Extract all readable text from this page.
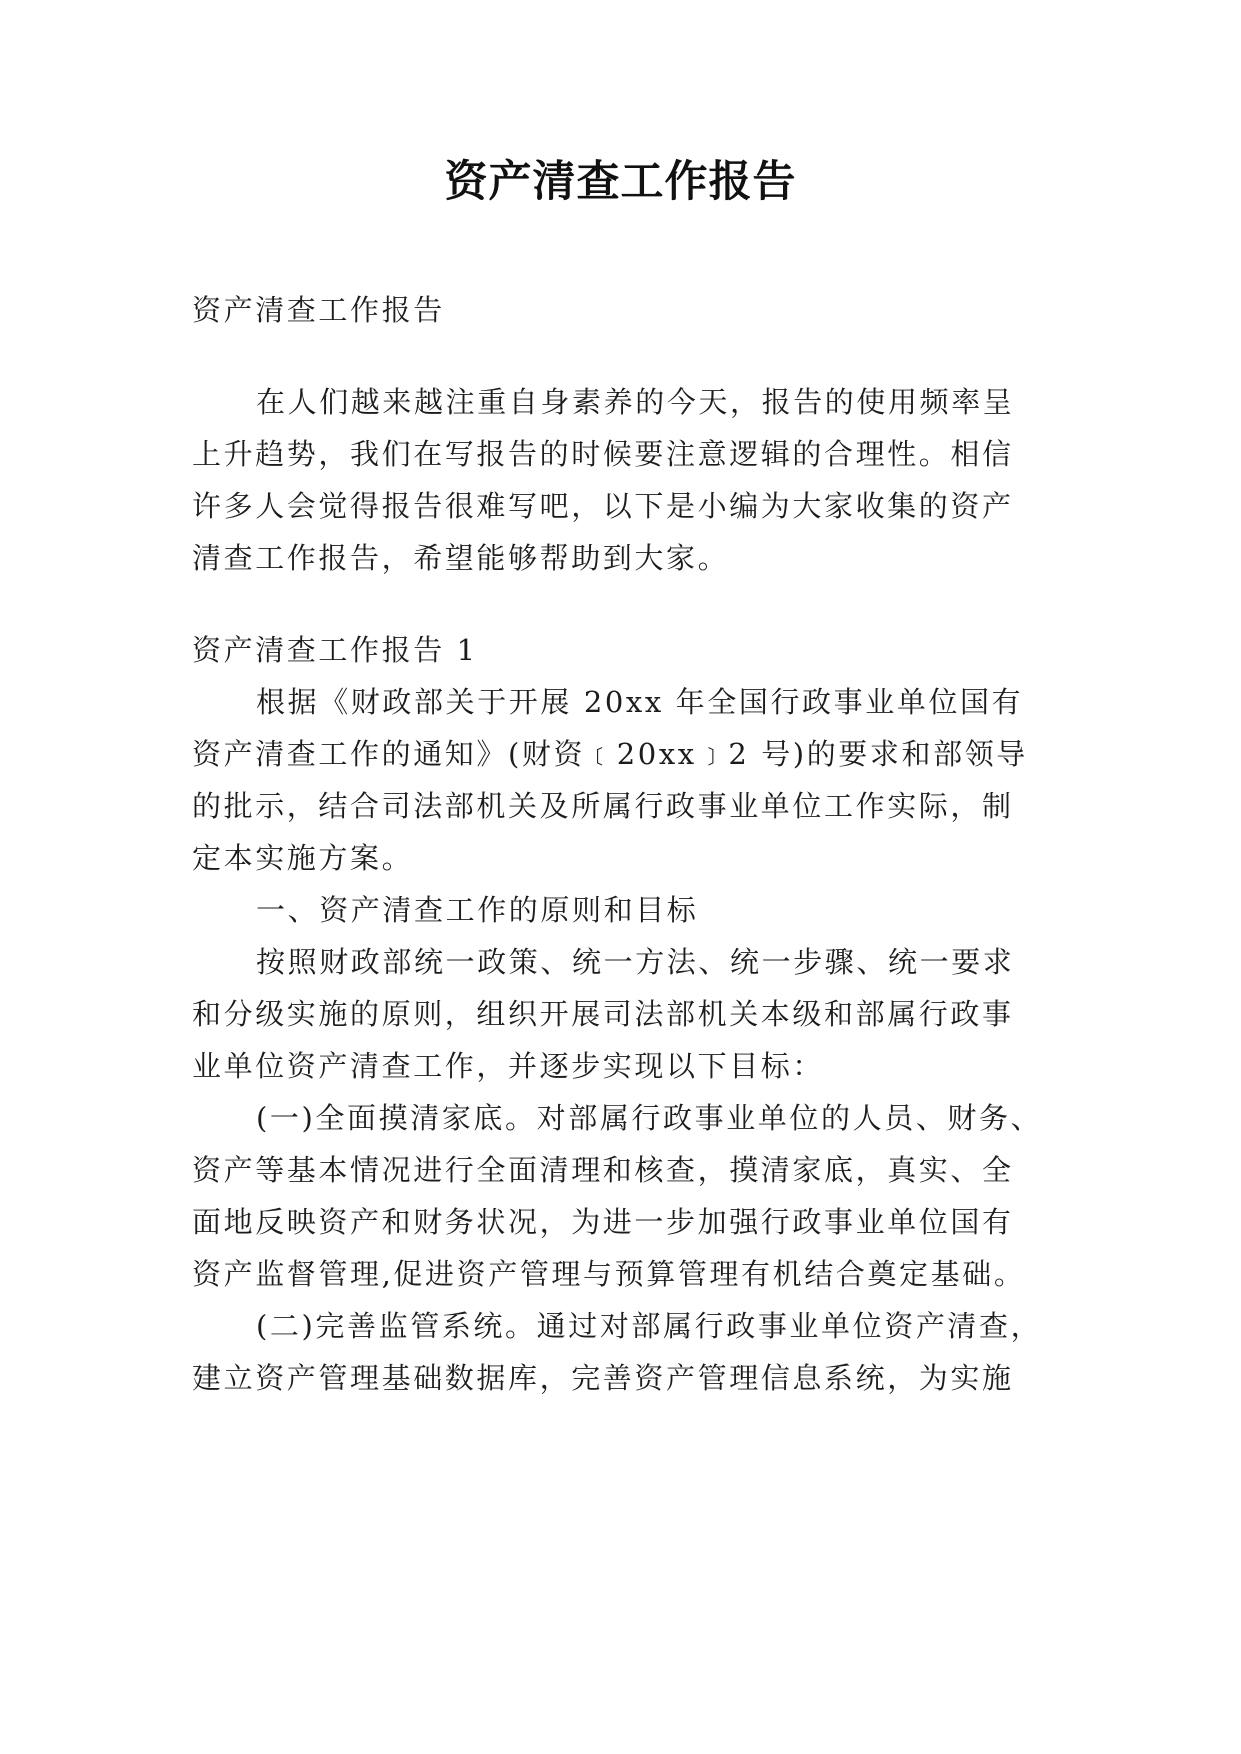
资产清查工作报告
资产清查工作报告
在人们越来越注重自身素养的今天，报告的使用频率呈
上升趋势，我们在写报告的时候要注意逻辑的合理性。相信
许多人会觉得报告很难写吧，以下是小编为大家收集的资产
清查工作报告，希望能够帮助到大家。
资产清查工作报告 1
根据《财政部关于开展 20xx 年全国行政事业单位国有
资产清查工作的通知》(财资﹝20xx﹞2 号)的要求和部领导
的批示，结合司法部机关及所属行政事业单位工作实际，制
定本实施方案。
一、资产清查工作的原则和目标
按照财政部统一政策、统一方法、统一步骤、统一要求
和分级实施的原则，组织开展司法部机关本级和部属行政事
业单位资产清查工作，并逐步实现以下目标：
(一)全面摸清家底。对部属行政事业单位的人员、财务、
资产等基本情况进行全面清理和核查，摸清家底，真实、全
面地反映资产和财务状况，为进一步加强行政事业单位国有
资产监督管理,促进资产管理与预算管理有机结合奠定基础。
(二)完善监管系统。通过对部属行政事业单位资产清查，
建立资产管理基础数据库，完善资产管理信息系统，为实施
